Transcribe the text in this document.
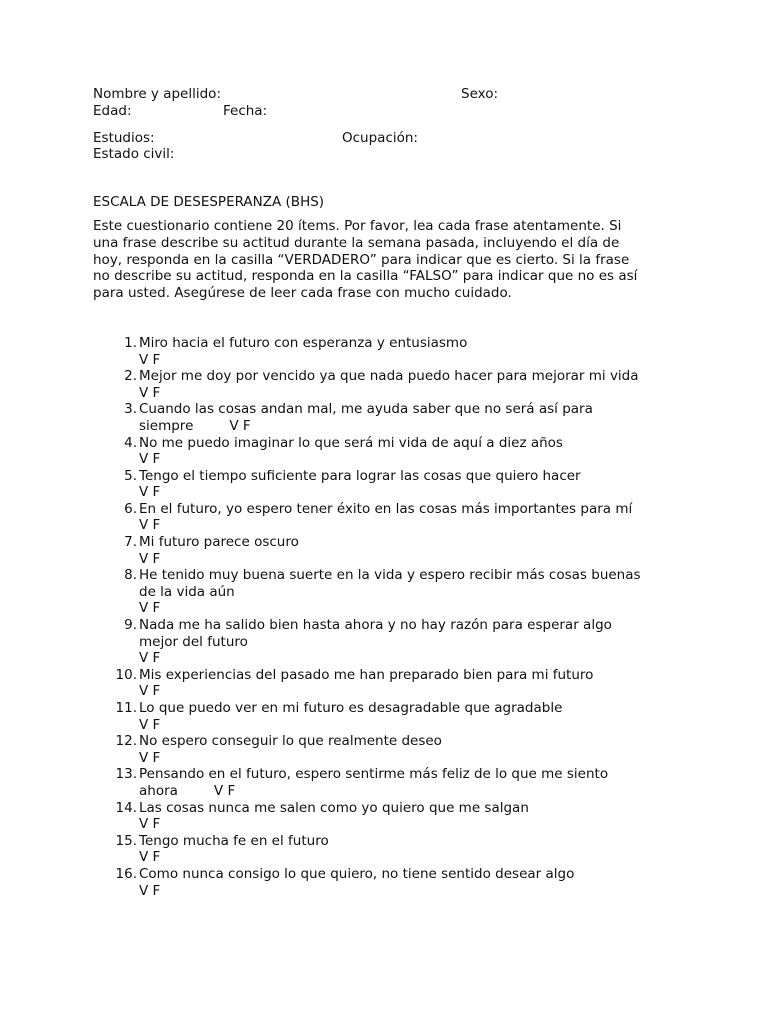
Nombre y apellido:	Sexo:
Edad:	Fecha:
Estudios:	Ocupación:
Estado civil:
ESCALA DE DESESPERANZA (BHS)

Este cuestionario contiene 20 ítems. Por favor, lea cada frase atentamente. Si

una frase describe su actitud durante la semana pasada, incluyendo el día de

hoy, responda en la casilla “VERDADERO” para indicar que es cierto. Si la frase

no describe su actitud, responda en la casilla “FALSO” para indicar que no es así

para usted. Asegúrese de leer cada frase con mucho cuidado.

1. Miro hacia el futuro con esperanza y entusiasmo
V F
2. Mejor me doy por vencido ya que nada puedo hacer para mejorar mi vida
V F
3. Cuando las cosas andan mal, me ayuda saber que no será así para
siempre	V F
4. No me puedo imaginar lo que será mi vida de aquí a diez años
V F
5. Tengo el tiempo suficiente para lograr las cosas que quiero hacer
V F
6. En el futuro, yo espero tener éxito en las cosas más importantes para mí
V F
7. Mi futuro parece oscuro
V F
8. He tenido muy buena suerte en la vida y espero recibir más cosas buenas
de la vida aún
V F
9. Nada me ha salido bien hasta ahora y no hay razón para esperar algo
mejor del futuro
V F
10. Mis experiencias del pasado me han preparado bien para mi futuro
V F
11. Lo que puedo ver en mi futuro es desagradable que agradable
V F
12. No espero conseguir lo que realmente deseo
V F
13. Pensando en el futuro, espero sentirme más feliz de lo que me siento
ahora	V F
14. Las cosas nunca me salen como yo quiero que me salgan
V F
15. Tengo mucha fe en el futuro
V F
16. Como nunca consigo lo que quiero, no tiene sentido desear algo
V F
